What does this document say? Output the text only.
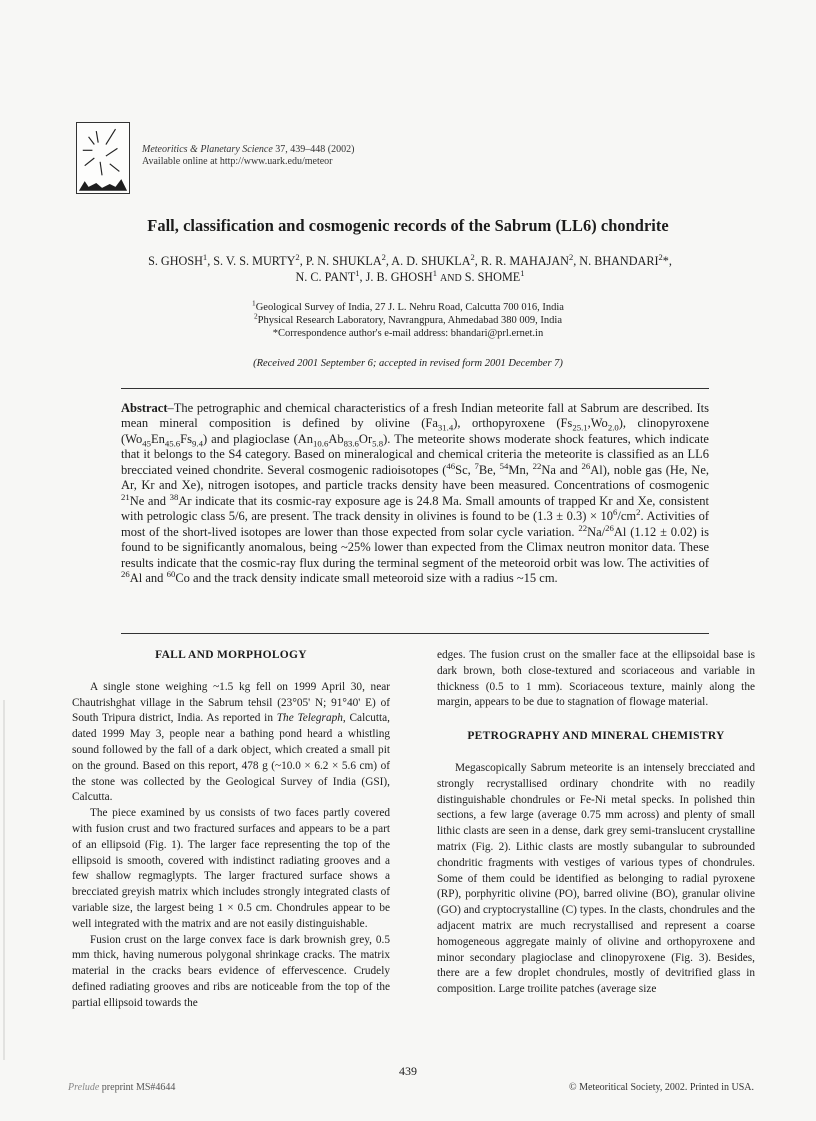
Meteoritics & Planetary Science 37, 439–448 (2002)
Available online at http://www.uark.edu/meteor
Fall, classification and cosmogenic records of the Sabrum (LL6) chondrite
S. GHOSH$^1$, S. V. S. MURTY$^2$, P. N. SHUKLA$^2$, A. D. SHUKLA$^2$, R. R. MAHAJAN$^2$, N. BHANDARI$^2$*,
N. C. PANT$^1$, J. B. GHOSH$^1$ AND S. SHOME$^1$
$^1$Geological Survey of India, 27 J. L. Nehru Road, Calcutta 700 016, India
$^2$Physical Research Laboratory, Navrangpura, Ahmedabad 380 009, India
*Correspondence author's e-mail address: bhandari@prl.ernet.in
(Received 2001 September 6; accepted in revised form 2001 December 7)
Abstract–The petrographic and chemical characteristics of a fresh Indian meteorite fall at Sabrum are described. Its mean mineral composition is defined by olivine $(Fa_{31.4})$, orthopyroxene $(Fs_{25.1},Wo_{2.0})$, clinopyroxene $(Wo_{45}En_{45.6}Fs_{9.4})$ and plagioclase $(An_{10.6}Ab_{83.6}Or_{5.8})$. The meteorite shows moderate shock features, which indicate that it belongs to the S4 category. Based on mineralogical and chemical criteria the meteorite is classified as an LL6 brecciated veined chondrite. Several cosmogenic radioisotopes ($^{46}$Sc, $^7$Be, $^{54}$Mn, $^{22}$Na and $^{26}$Al), noble gas (He, Ne, Ar, Kr and Xe), nitrogen isotopes, and particle tracks density have been measured. Concentrations of cosmogenic $^{21}$Ne and $^{38}$Ar indicate that its cosmic-ray exposure age is 24.8 Ma. Small amounts of trapped Kr and Xe, consistent with petrologic class 5/6, are present. The track density in olivines is found to be $(1.3 \pm 0.3) \times 10^6/cm^2$. Activities of most of the short-lived isotopes are lower than those expected from solar cycle variation. $^{22}$Na/$^{26}$Al (1.12 ± 0.02) is found to be significantly anomalous, being ~25% lower than expected from the Climax neutron monitor data. These results indicate that the cosmic-ray flux during the terminal segment of the meteoroid orbit was low. The activities of $^{26}$Al and $^{60}$Co and the track density indicate small meteoroid size with a radius ~15 cm.
FALL AND MORPHOLOGY

A single stone weighing ~1.5 kg fell on 1999 April 30, near Chautrishghat village in the Sabrum tehsil (23°05' N; 91°40' E) of South Tripura district, India. As reported in The Telegraph, Calcutta, dated 1999 May 3, people near a bathing pond heard a whistling sound followed by the fall of a dark object, which created a small pit on the ground. Based on this report, 478 g (~10.0 × 6.2 × 5.6 cm) of the stone was collected by the Geological Survey of India (GSI), Calcutta.

The piece examined by us consists of two faces partly covered with fusion crust and two fractured surfaces and appears to be a part of an ellipsoid (Fig. 1). The larger face representing the top of the ellipsoid is smooth, covered with indistinct radiating grooves and a few shallow regmaglypts. The larger fractured surface shows a brecciated greyish matrix which includes strongly integrated clasts of variable size, the largest being 1 × 0.5 cm. Chondrules appear to be well integrated with the matrix and are not easily distinguishable.

Fusion crust on the large convex face is dark brownish grey, 0.5 mm thick, having numerous polygonal shrinkage cracks. The matrix material in the cracks bears evidence of effervescence. Crudely defined radiating grooves and ribs are noticeable from the top of the partial ellipsoid towards the

edges. The fusion crust on the smaller face at the ellipsoidal base is dark brown, both close-textured and scoriaceous and variable in thickness (0.5 to 1 mm). Scoriaceous texture, mainly along the margin, appears to be due to stagnation of flowage material.

PETROGRAPHY AND MINERAL CHEMISTRY

Megascopically Sabrum meteorite is an intensely brecciated and strongly recrystallised ordinary chondrite with no readily distinguishable chondrules or Fe-Ni metal specks. In polished thin sections, a few large (average 0.75 mm across) and plenty of small lithic clasts are seen in a dense, dark grey semi-translucent crystalline matrix (Fig. 2). Lithic clasts are mostly subangular to subrounded chondritic fragments with vestiges of various types of chondrules. Some of them could be identified as belonging to radial pyroxene (RP), porphyritic olivine (PO), barred olivine (BO), granular olivine (GO) and cryptocrystalline (C) types. In the clasts, chondrules and the adjacent matrix are much recrystallised and represent a coarse homogeneous aggregate mainly of olivine and orthopyroxene and minor secondary plagioclase and clinopyroxene (Fig. 3). Besides, there are a few droplet chondrules, mostly of devitrified glass in composition. Large troilite patches (average size

439
Prelude preprint MS#4644	© Meteoritical Society, 2002. Printed in USA.
